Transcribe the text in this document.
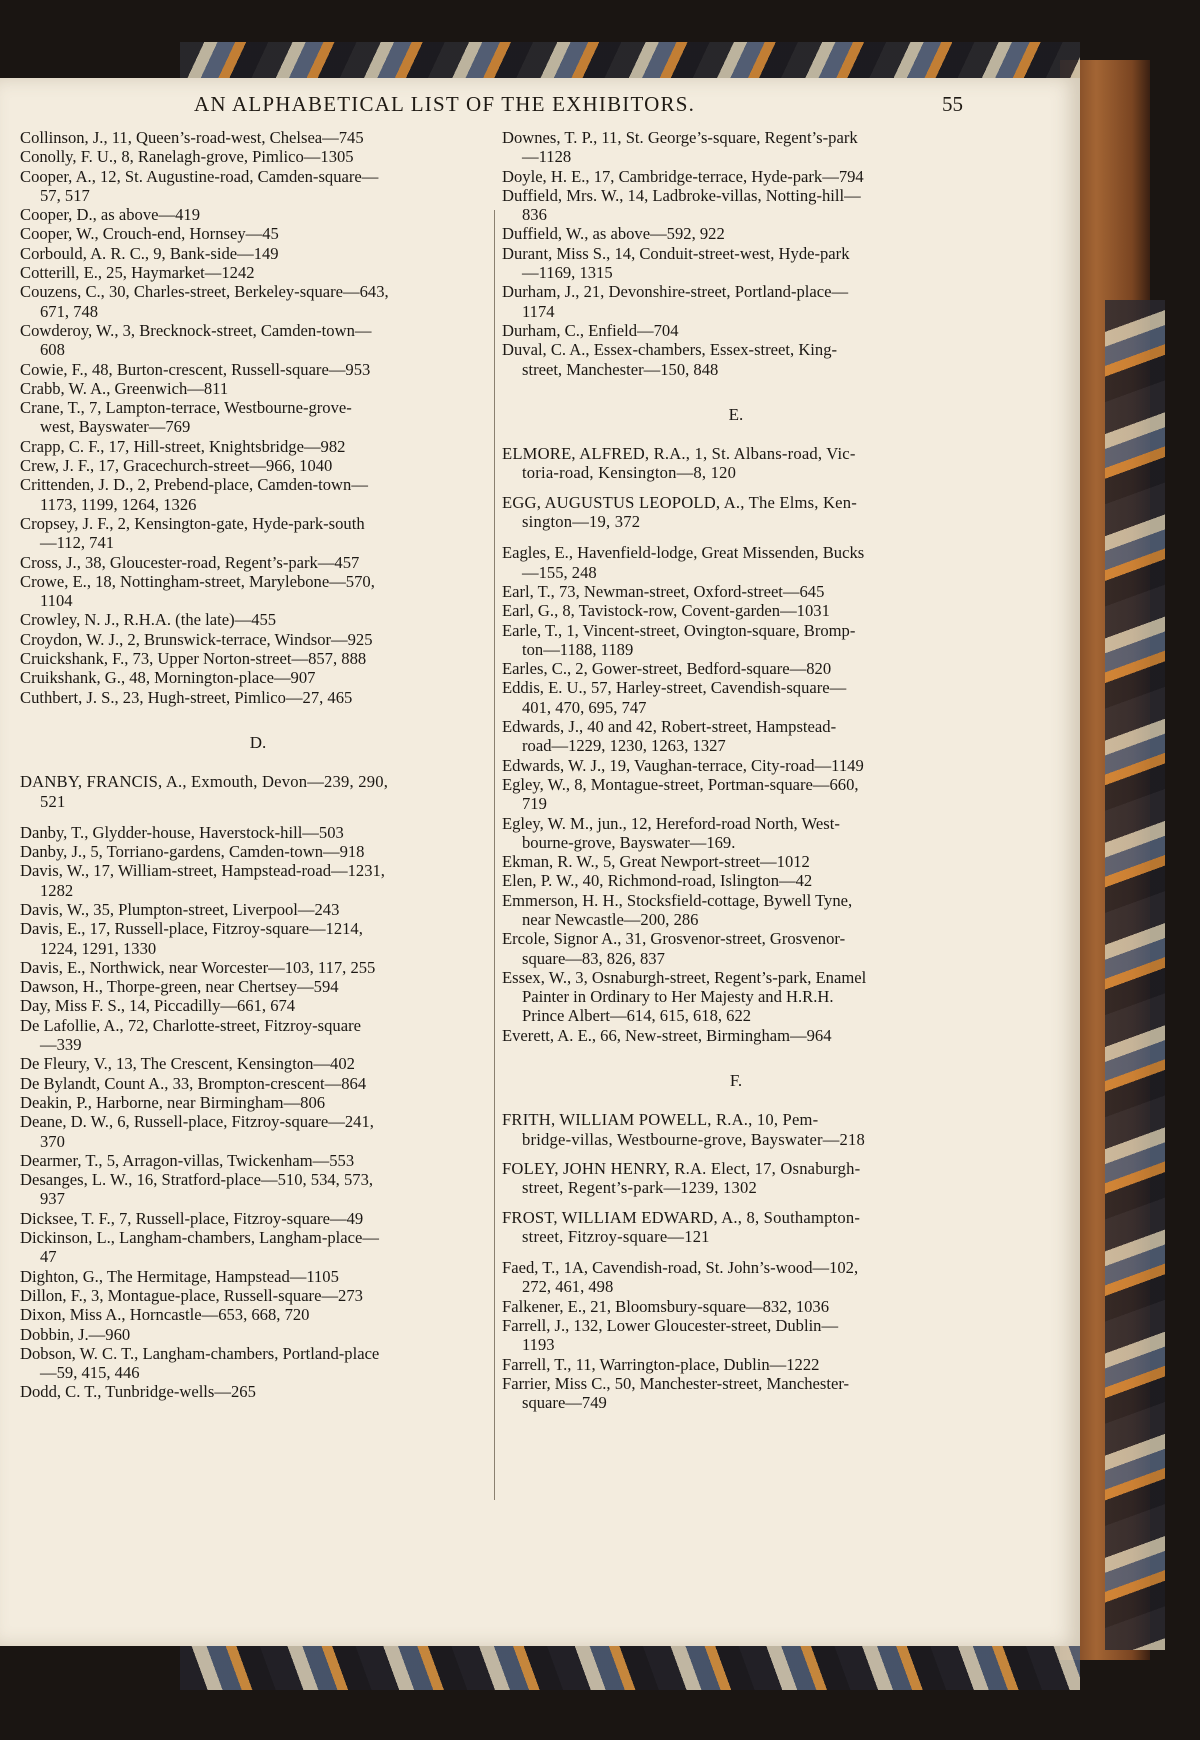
AN ALPHABETICAL LIST OF THE EXHIBITORS.	55
Collinson, J., 11, Queen’s-road-west, Chelsea—745
Conolly, F. U., 8, Ranelagh-grove, Pimlico—1305
Cooper, A., 12, St. Augustine-road, Camden-square—
57, 517
Cooper, D., as above—419
Cooper, W., Crouch-end, Hornsey—45
Corbould, A. R. C., 9, Bank-side—149
Cotterill, E., 25, Haymarket—1242
Couzens, C., 30, Charles-street, Berkeley-square—643,
671, 748
Cowderoy, W., 3, Brecknock-street, Camden-town—
608
Cowie, F., 48, Burton-crescent, Russell-square—953
Crabb, W. A., Greenwich—811
Crane, T., 7, Lampton-terrace, Westbourne-grove-
west, Bayswater—769
Crapp, C. F., 17, Hill-street, Knightsbridge—982
Crew, J. F., 17, Gracechurch-street—966, 1040
Crittenden, J. D., 2, Prebend-place, Camden-town—
1173, 1199, 1264, 1326
Cropsey, J. F., 2, Kensington-gate, Hyde-park-south
—112, 741
Cross, J., 38, Gloucester-road, Regent’s-park—457
Crowe, E., 18, Nottingham-street, Marylebone—570,
1104
Crowley, N. J., R.H.A. (the late)—455
Croydon, W. J., 2, Brunswick-terrace, Windsor—925
Cruickshank, F., 73, Upper Norton-street—857, 888
Cruikshank, G., 48, Mornington-place—907
Cuthbert, J. S., 23, Hugh-street, Pimlico—27, 465
D.
DANBY, FRANCIS, A., Exmouth, Devon—239, 290,
521
Danby, T., Glydder-house, Haverstock-hill—503
Danby, J., 5, Torriano-gardens, Camden-town—918
Davis, W., 17, William-street, Hampstead-road—1231,
1282
Davis, W., 35, Plumpton-street, Liverpool—243
Davis, E., 17, Russell-place, Fitzroy-square—1214,
1224, 1291, 1330
Davis, E., Northwick, near Worcester—103, 117, 255
Dawson, H., Thorpe-green, near Chertsey—594
Day, Miss F. S., 14, Piccadilly—661, 674
De Lafollie, A., 72, Charlotte-street, Fitzroy-square
—339
De Fleury, V., 13, The Crescent, Kensington—402
De Bylandt, Count A., 33, Brompton-crescent—864
Deakin, P., Harborne, near Birmingham—806
Deane, D. W., 6, Russell-place, Fitzroy-square—241,
370
Dearmer, T., 5, Arragon-villas, Twickenham—553
Desanges, L. W., 16, Stratford-place—510, 534, 573,
937
Dicksee, T. F., 7, Russell-place, Fitzroy-square—49
Dickinson, L., Langham-chambers, Langham-place—
47
Dighton, G., The Hermitage, Hampstead—1105
Dillon, F., 3, Montague-place, Russell-square—273
Dixon, Miss A., Horncastle—653, 668, 720
Dobbin, J.—960
Dobson, W. C. T., Langham-chambers, Portland-place
—59, 415, 446
Dodd, C. T., Tunbridge-wells—265
Downes, T. P., 11, St. George’s-square, Regent’s-park
—1128
Doyle, H. E., 17, Cambridge-terrace, Hyde-park—794
Duffield, Mrs. W., 14, Ladbroke-villas, Notting-hill—
836
Duffield, W., as above—592, 922
Durant, Miss S., 14, Conduit-street-west, Hyde-park
—1169, 1315
Durham, J., 21, Devonshire-street, Portland-place—
1174
Durham, C., Enfield—704
Duval, C. A., Essex-chambers, Essex-street, King-
street, Manchester—150, 848
E.
ELMORE, ALFRED, R.A., 1, St. Albans-road, Vic-
toria-road, Kensington—8, 120
EGG, AUGUSTUS LEOPOLD, A., The Elms, Ken-
sington—19, 372
Eagles, E., Havenfield-lodge, Great Missenden, Bucks
—155, 248
Earl, T., 73, Newman-street, Oxford-street—645
Earl, G., 8, Tavistock-row, Covent-garden—1031
Earle, T., 1, Vincent-street, Ovington-square, Bromp-
ton—1188, 1189
Earles, C., 2, Gower-street, Bedford-square—820
Eddis, E. U., 57, Harley-street, Cavendish-square—
401, 470, 695, 747
Edwards, J., 40 and 42, Robert-street, Hampstead-
road—1229, 1230, 1263, 1327
Edwards, W. J., 19, Vaughan-terrace, City-road—1149
Egley, W., 8, Montague-street, Portman-square—660,
719
Egley, W. M., jun., 12, Hereford-road North, West-
bourne-grove, Bayswater—169.
Ekman, R. W., 5, Great Newport-street—1012
Elen, P. W., 40, Richmond-road, Islington—42
Emmerson, H. H., Stocksfield-cottage, Bywell Tyne,
near Newcastle—200, 286
Ercole, Signor A., 31, Grosvenor-street, Grosvenor-
square—83, 826, 837
Essex, W., 3, Osnaburgh-street, Regent’s-park, Enamel
Painter in Ordinary to Her Majesty and H.R.H.
Prince Albert—614, 615, 618, 622
Everett, A. E., 66, New-street, Birmingham—964
F.
FRITH, WILLIAM POWELL, R.A., 10, Pem-
bridge-villas, Westbourne-grove, Bayswater—218
FOLEY, JOHN HENRY, R.A. Elect, 17, Osnaburgh-
street, Regent’s-park—1239, 1302
FROST, WILLIAM EDWARD, A., 8, Southampton-
street, Fitzroy-square—121
Faed, T., 1A, Cavendish-road, St. John’s-wood—102,
272, 461, 498
Falkener, E., 21, Bloomsbury-square—832, 1036
Farrell, J., 132, Lower Gloucester-street, Dublin—
1193
Farrell, T., 11, Warrington-place, Dublin—1222
Farrier, Miss C., 50, Manchester-street, Manchester-
square—749
